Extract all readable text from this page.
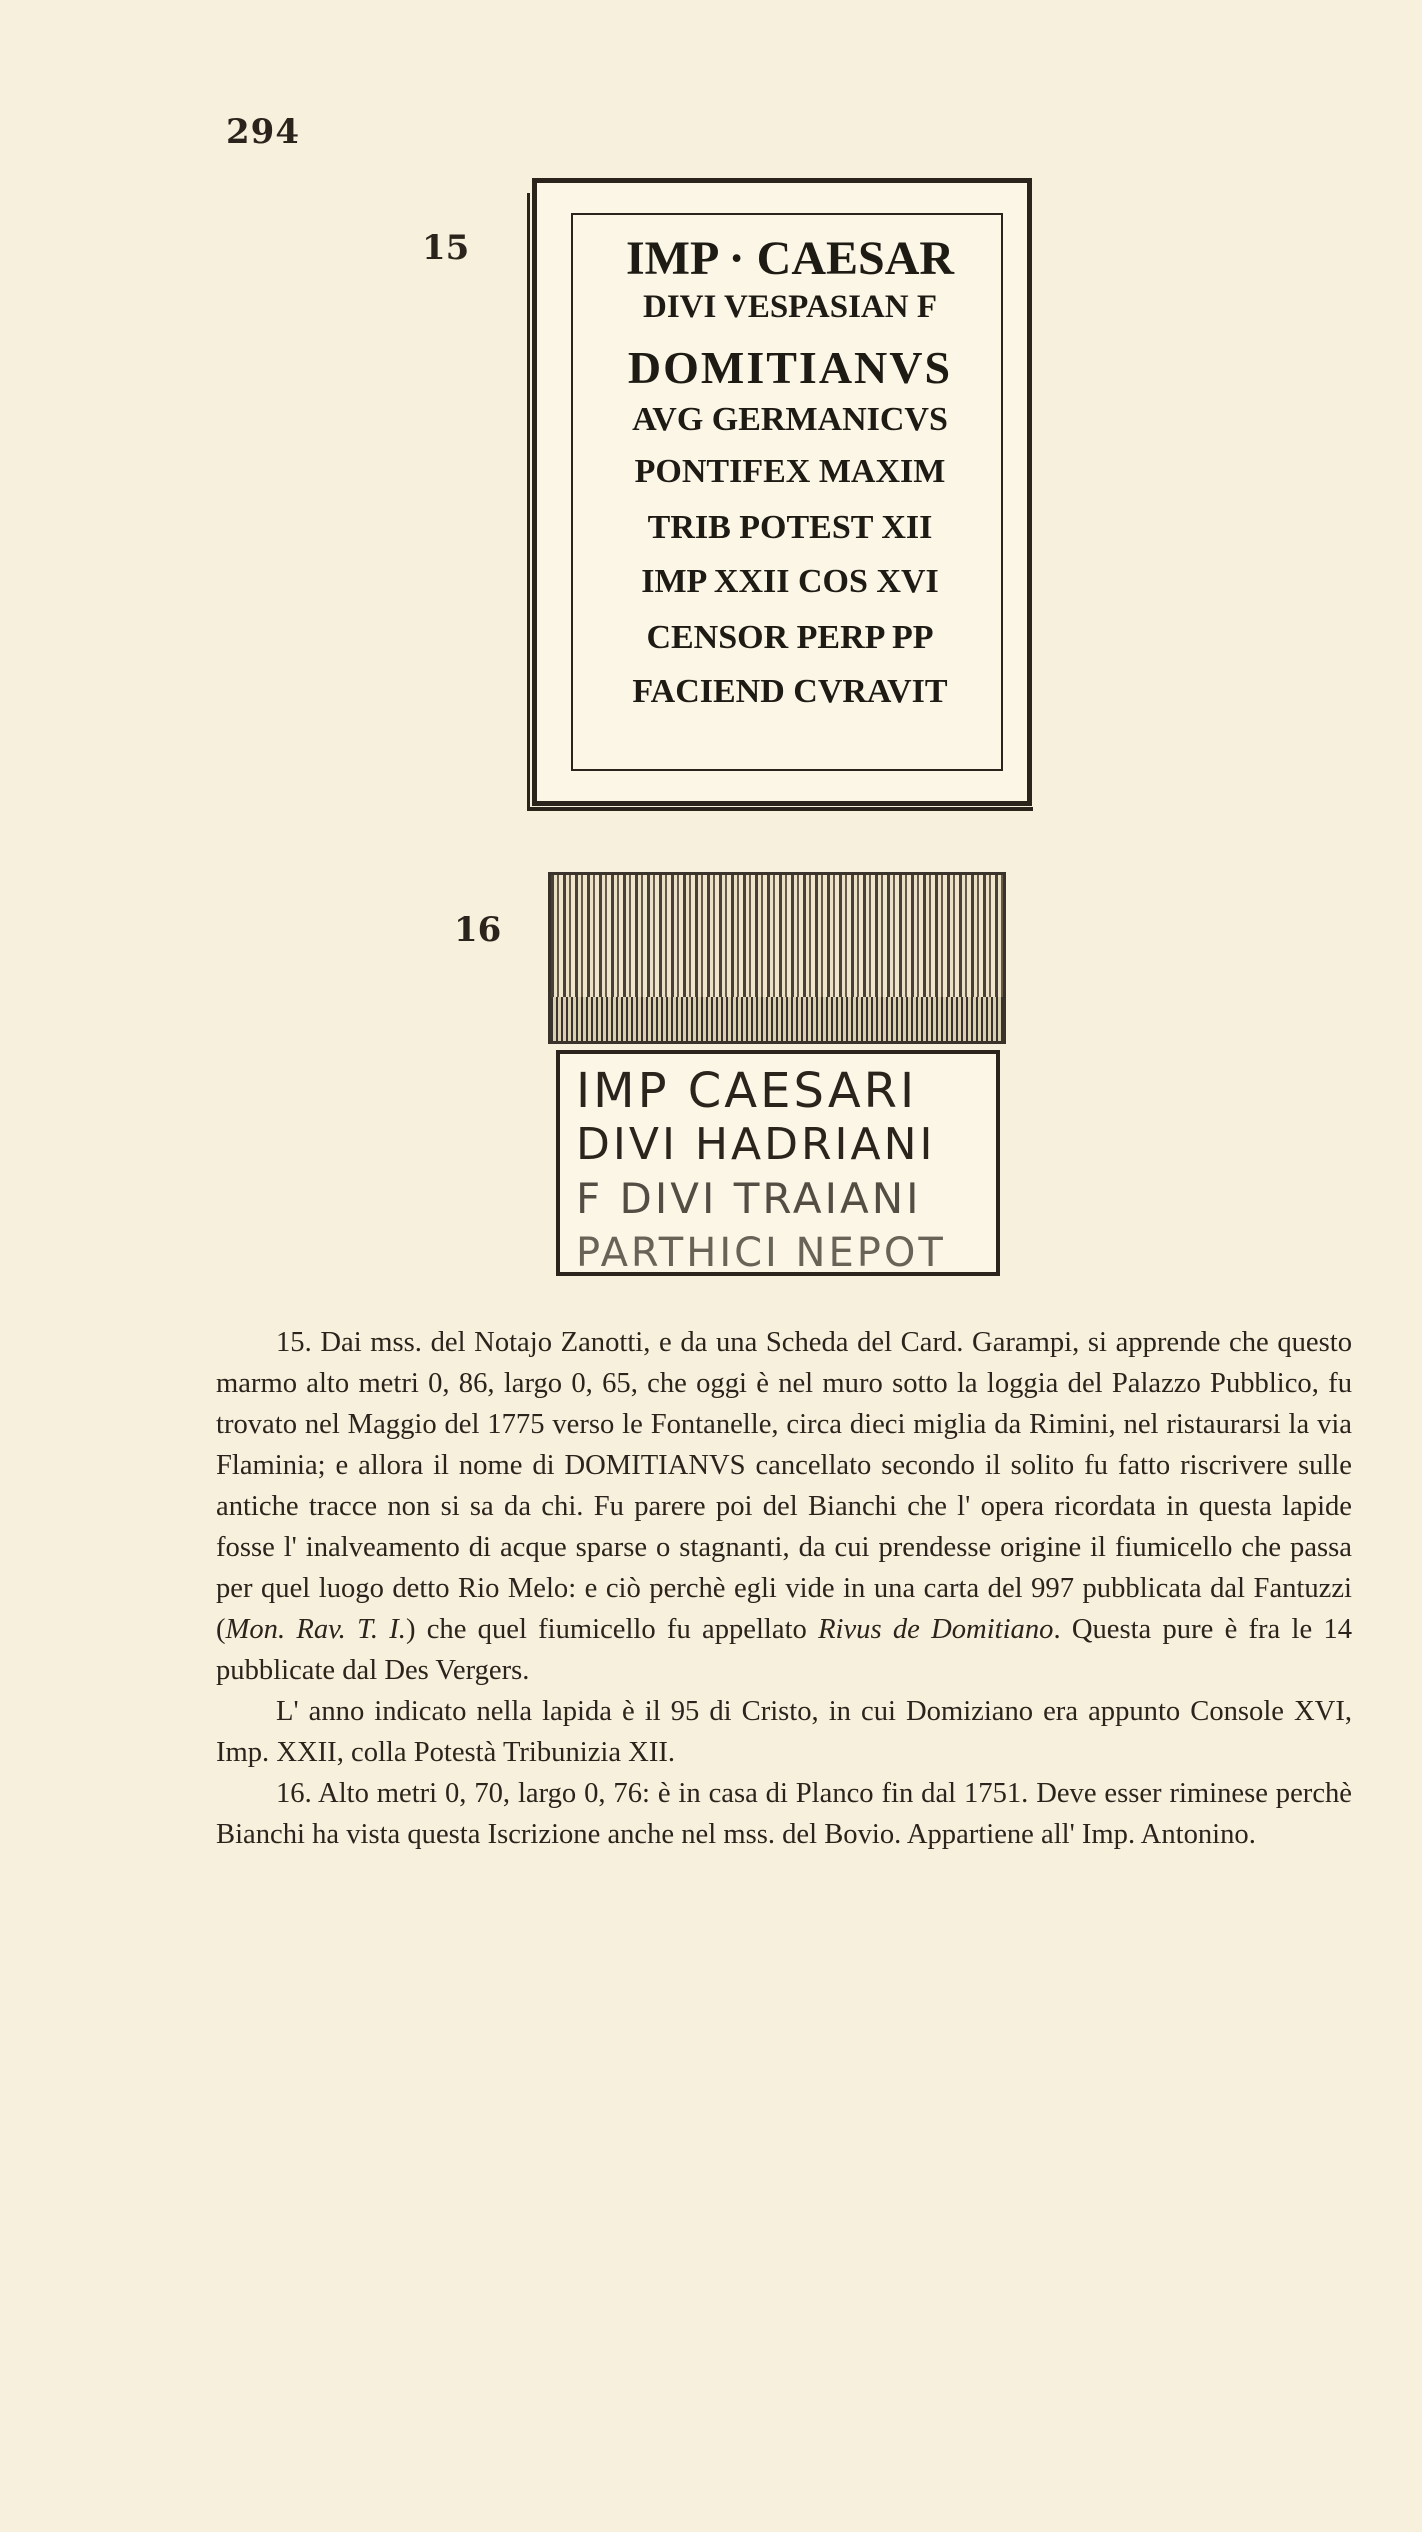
294
15	IMP · CAESAR
DIVI VESPASIAN F
DOMITIANVS
AVG GERMANICVS
PONTIFEX MAXIM
TRIB POTEST XII
IMP XXII COS XVI
CENSOR PERP PP
FACIEND CVRAVIT
16
IMP CAESARI
DIVI HADRIANI
F DIVI TRAIANI
PARTHICI NEPOT

15. Dai mss. del Notajo Zanotti, e da una Scheda del Card. Garampi, si apprende che questo marmo alto metri 0, 86, largo 0, 65, che oggi è nel muro sotto la loggia del Palazzo Pubblico, fu trovato nel Maggio del 1775 verso le Fontanelle, circa dieci miglia da Rimini, nel ristaurarsi la via Flaminia; e allora il nome di DOMITIANVS cancellato secondo il solito fu fatto riscrivere sulle antiche tracce non si sa da chi. Fu parere poi del Bianchi che l' opera ricordata in questa lapide fosse l' inalveamento di acque sparse o stagnanti, da cui prendesse origine il fiumicello che passa per quel luogo detto Rio Melo: e ciò perchè egli vide in una carta del 997 pubblicata dal Fantuzzi (Mon. Rav. T. I.) che quel fiumicello fu appellato Rivus de Domitiano. Questa pure è fra le 14 pubblicate dal Des Vergers.

L' anno indicato nella lapida è il 95 di Cristo, in cui Domiziano era appunto Console XVI, Imp. XXII, colla Potestà Tribunizia XII.

16. Alto metri 0, 70, largo 0, 76: è in casa di Planco fin dal 1751. Deve esser riminese perchè Bianchi ha vista questa Iscrizione anche nel mss. del Bovio. Appartiene all' Imp. Antonino.
